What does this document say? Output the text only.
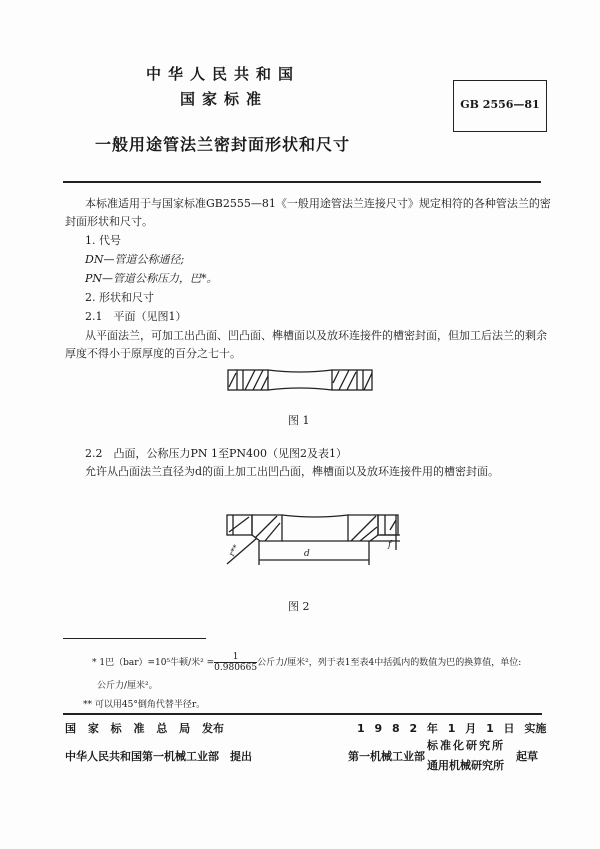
中华人民共和国
国家标准	GB 2556—81
一般用途管法兰密封面形状和尺寸
本标准适用于与国家标准GB2555—81《一般用途管法兰连接尺寸》规定相符的各种管法兰的密
封面形状和尺寸。
1. 代号
DN—管道公称通径;
PN—管道公称压力，巴*。
2. 形状和尺寸
2.1　平面（见图1）
从平面法兰，可加工出凸面、凹凸面、榫槽面以及放环连接件的槽密封面，但加工后法兰的剩余
厚度不得小于原厚度的百分之七十。
图 1
2.2　凸面，公称压力PN 1至PN400（见图2及表1）
允许从凸面法兰直径为d的面上加工出凹凸面，榫槽面以及放环连接件用的槽密封面。
d
r**	f
图 2
* 1巴（bar）=10⁵牛顿/米$^2 = \frac{1}{0.980665}$公斤力/厘米²，列于表1至表4中括弧内的数值为巴的换算值，单位:
公斤力/厘米²。
** 可以用45°倒角代替半径r。
国 家 标 准 总 局 发布	1 9 8 2 年 1 月 1 日 实施
中华人民共和国第一机械工业部　提出	第一机械工业部
标准化研究所
通用机械研究所
起草
